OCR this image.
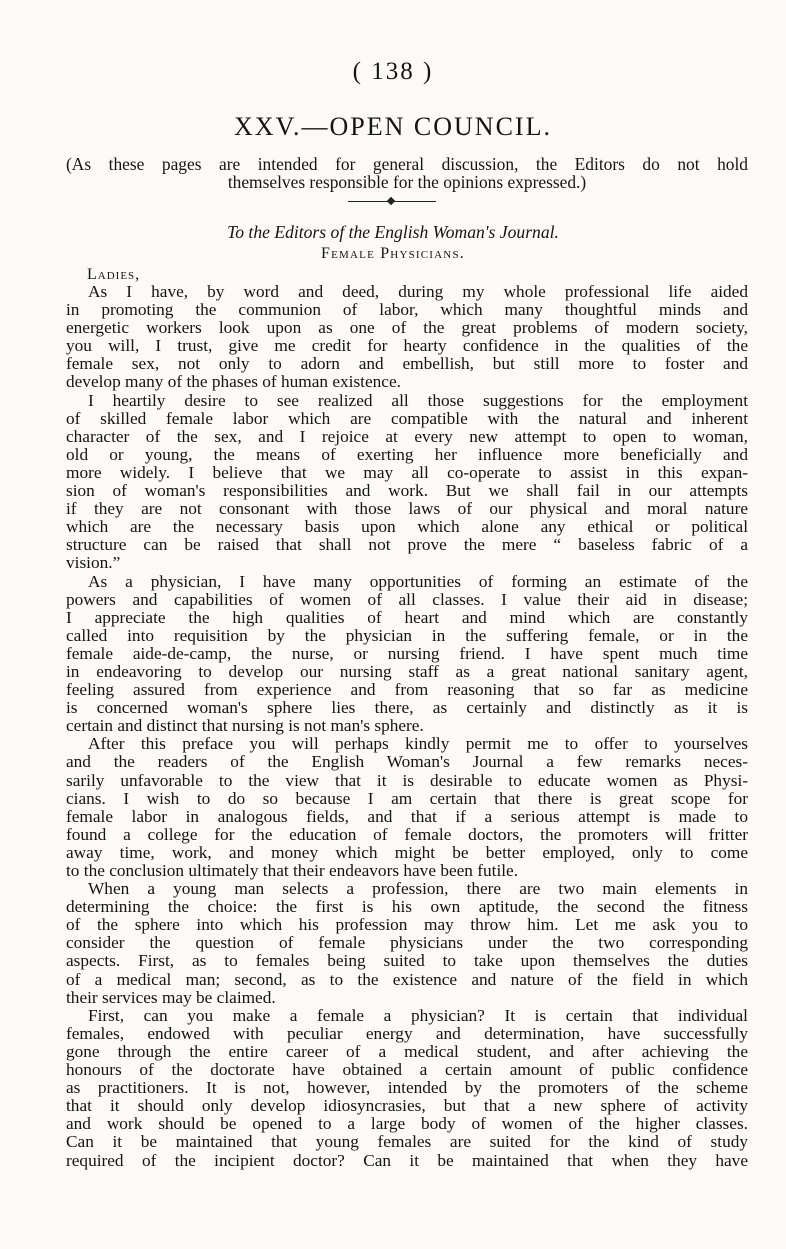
( 138 )
XXV.—OPEN COUNCIL.
(As these pages are intended for general discussion, the Editors do not hold
themselves responsible for the opinions expressed.)
To the Editors of the English Woman's Journal.
Female Physicians.
Ladies,
As I have, by word and deed, during my whole professional life aided
in promoting the communion of labor, which many thoughtful minds and
energetic workers look upon as one of the great problems of modern society,
you will, I trust, give me credit for hearty confidence in the qualities of the
female sex, not only to adorn and embellish, but still more to foster and
develop many of the phases of human existence.
I heartily desire to see realized all those suggestions for the employment
of skilled female labor which are compatible with the natural and inherent
character of the sex, and I rejoice at every new attempt to open to woman,
old or young, the means of exerting her influence more beneficially and
more widely. I believe that we may all co-operate to assist in this expan-
sion of woman's responsibilities and work. But we shall fail in our attempts
if they are not consonant with those laws of our physical and moral nature
which are the necessary basis upon which alone any ethical or political
structure can be raised that shall not prove the mere “ baseless fabric of a
vision.”
As a physician, I have many opportunities of forming an estimate of the
powers and capabilities of women of all classes. I value their aid in disease;
I appreciate the high qualities of heart and mind which are constantly
called into requisition by the physician in the suffering female, or in the
female aide-de-camp, the nurse, or nursing friend. I have spent much time
in endeavoring to develop our nursing staff as a great national sanitary agent,
feeling assured from experience and from reasoning that so far as medicine
is concerned woman's sphere lies there, as certainly and distinctly as it is
certain and distinct that nursing is not man's sphere.
After this preface you will perhaps kindly permit me to offer to yourselves
and the readers of the English Woman's Journal a few remarks neces-
sarily unfavorable to the view that it is desirable to educate women as Physi-
cians. I wish to do so because I am certain that there is great scope for
female labor in analogous fields, and that if a serious attempt is made to
found a college for the education of female doctors, the promoters will fritter
away time, work, and money which might be better employed, only to come
to the conclusion ultimately that their endeavors have been futile.
When a young man selects a profession, there are two main elements in
determining the choice: the first is his own aptitude, the second the fitness
of the sphere into which his profession may throw him. Let me ask you to
consider the question of female physicians under the two corresponding
aspects. First, as to females being suited to take upon themselves the duties
of a medical man; second, as to the existence and nature of the field in which
their services may be claimed.
First, can you make a female a physician? It is certain that individual
females, endowed with peculiar energy and determination, have successfully
gone through the entire career of a medical student, and after achieving the
honours of the doctorate have obtained a certain amount of public confidence
as practitioners. It is not, however, intended by the promoters of the scheme
that it should only develop idiosyncrasies, but that a new sphere of activity
and work should be opened to a large body of women of the higher classes.
Can it be maintained that young females are suited for the kind of study
required of the incipient doctor? Can it be maintained that when they have
